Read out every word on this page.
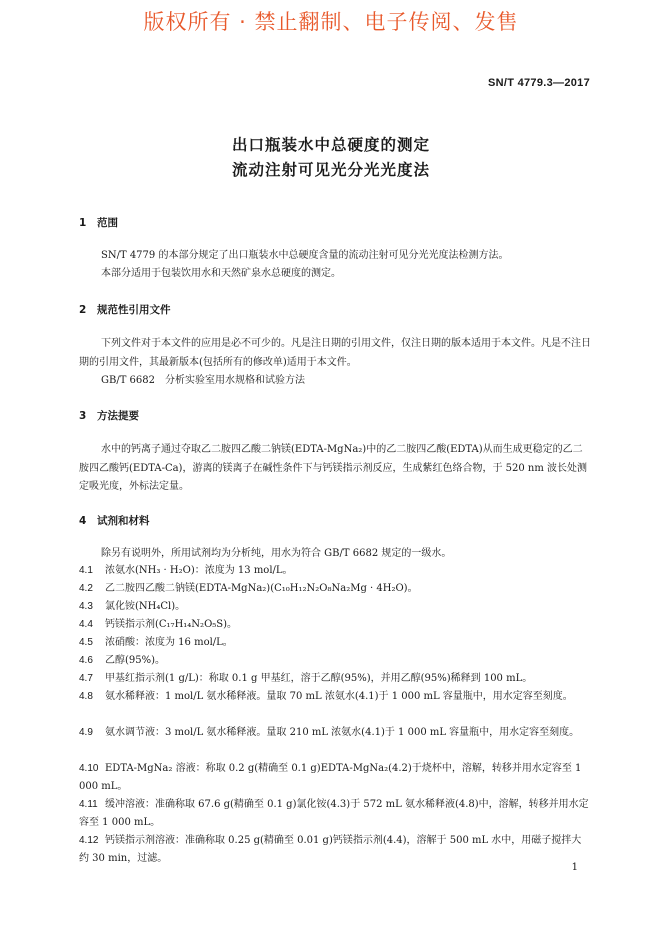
版权所有 · 禁止翻制、电子传阅、发售
SN/T 4779.3—2017
出口瓶装水中总硬度的测定
流动注射可见光分光光度法
1 范围
SN/T 4779 的本部分规定了出口瓶装水中总硬度含量的流动注射可见分光光度法检测方法。
本部分适用于包装饮用水和天然矿泉水总硬度的测定。
2 规范性引用文件
下列文件对于本文件的应用是必不可少的。凡是注日期的引用文件，仅注日期的版本适用于本文件。凡是不注日期的引用文件，其最新版本(包括所有的修改单)适用于本文件。
GB/T 6682　分析实验室用水规格和试验方法
3 方法提要
水中的钙离子通过夺取乙二胺四乙酸二钠镁(EDTA-MgNa₂)中的乙二胺四乙酸(EDTA)从而生成更稳定的乙二胺四乙酸钙(EDTA-Ca)，游离的镁离子在碱性条件下与钙镁指示剂反应，生成紫红色络合物，于 520 nm 波长处测定吸光度，外标法定量。
4 试剂和材料
除另有说明外，所用试剂均为分析纯，用水为符合 GB/T 6682 规定的一级水。
4.1 浓氨水(NH₃ · H₂O)：浓度为 13 mol/L。
4.2 乙二胺四乙酸二钠镁(EDTA-MgNa₂)(C₁₀H₁₂N₂O₈Na₂Mg · 4H₂O)。
4.3 氯化铵(NH₄Cl)。
4.4 钙镁指示剂(C₁₇H₁₄N₂O₅S)。
4.5 浓硝酸：浓度为 16 mol/L。
4.6 乙醇(95%)。
4.7 甲基红指示剂(1 g/L)：称取 0.1 g 甲基红，溶于乙醇(95%)，并用乙醇(95%)稀释到 100 mL。
4.8 氨水稀释液：1 mol/L 氨水稀释液。量取 70 mL 浓氨水(4.1)于 1 000 mL 容量瓶中，用水定容至刻度。
4.9 氨水调节液：3 mol/L 氨水稀释液。量取 210 mL 浓氨水(4.1)于 1 000 mL 容量瓶中，用水定容至刻度。
4.10 EDTA-MgNa₂ 溶液：称取 0.2 g(精确至 0.1 g)EDTA-MgNa₂(4.2)于烧杯中，溶解，转移并用水定容至 1 000 mL。
4.11 缓冲溶液：准确称取 67.6 g(精确至 0.1 g)氯化铵(4.3)于 572 mL 氨水稀释液(4.8)中，溶解，转移并用水定容至 1 000 mL。
4.12 钙镁指示剂溶液：准确称取 0.25 g(精确至 0.01 g)钙镁指示剂(4.4)，溶解于 500 mL 水中，用磁子搅拌大约 30 min，过滤。
1
